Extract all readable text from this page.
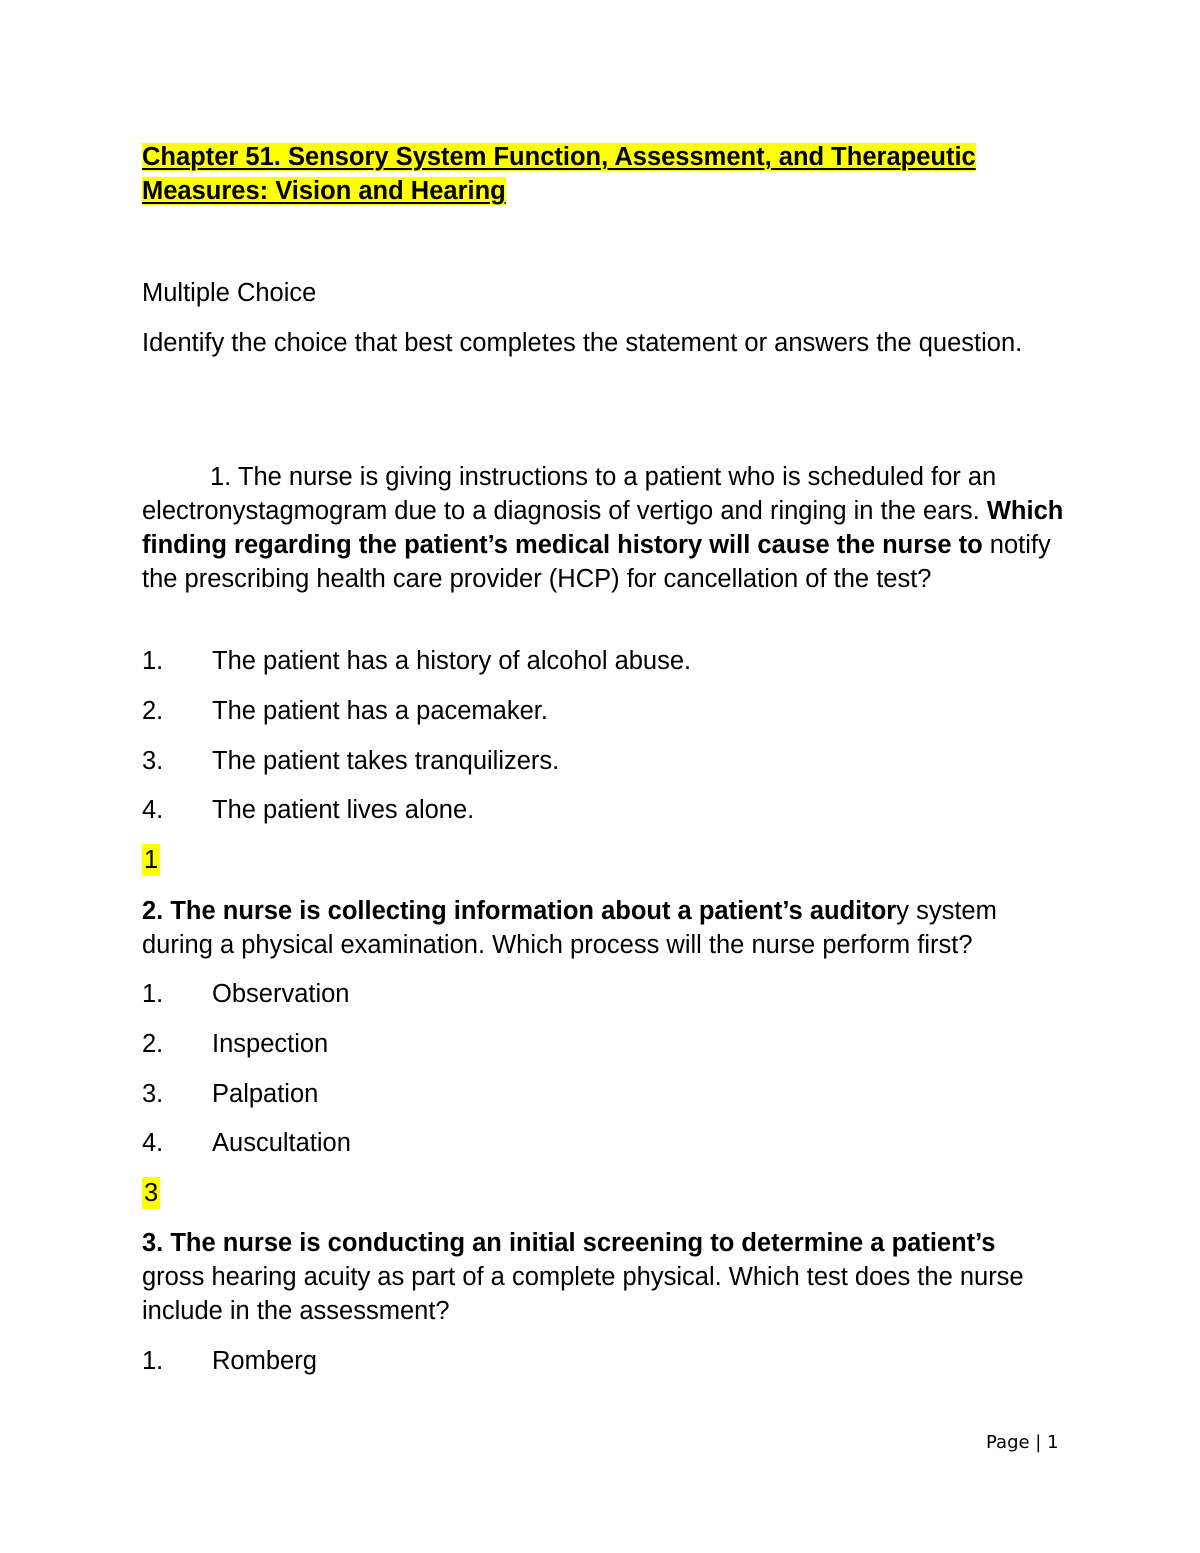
Chapter 51. Sensory System Function, Assessment, and Therapeutic Measures: Vision and Hearing

Multiple Choice

Identify the choice that best completes the statement or answers the question.

1. The nurse is giving instructions to a patient who is scheduled for an electronystagmogram due to a diagnosis of vertigo and ringing in the ears. Which finding regarding the patient’s medical history will cause the nurse to notify the prescribing health care provider (HCP) for cancellation of the test?

1. The patient has a history of alcohol abuse.

2. The patient has a pacemaker.

3. The patient takes tranquilizers.

4. The patient lives alone.

1

2. The nurse is collecting information about a patient’s auditory system during a physical examination. Which process will the nurse perform first?

1. Observation

2. Inspection

3. Palpation

4. Auscultation

3

3. The nurse is conducting an initial screening to determine a patient’s gross hearing acuity as part of a complete physical. Which test does the nurse include in the assessment?

1. Romberg

Page | 1
